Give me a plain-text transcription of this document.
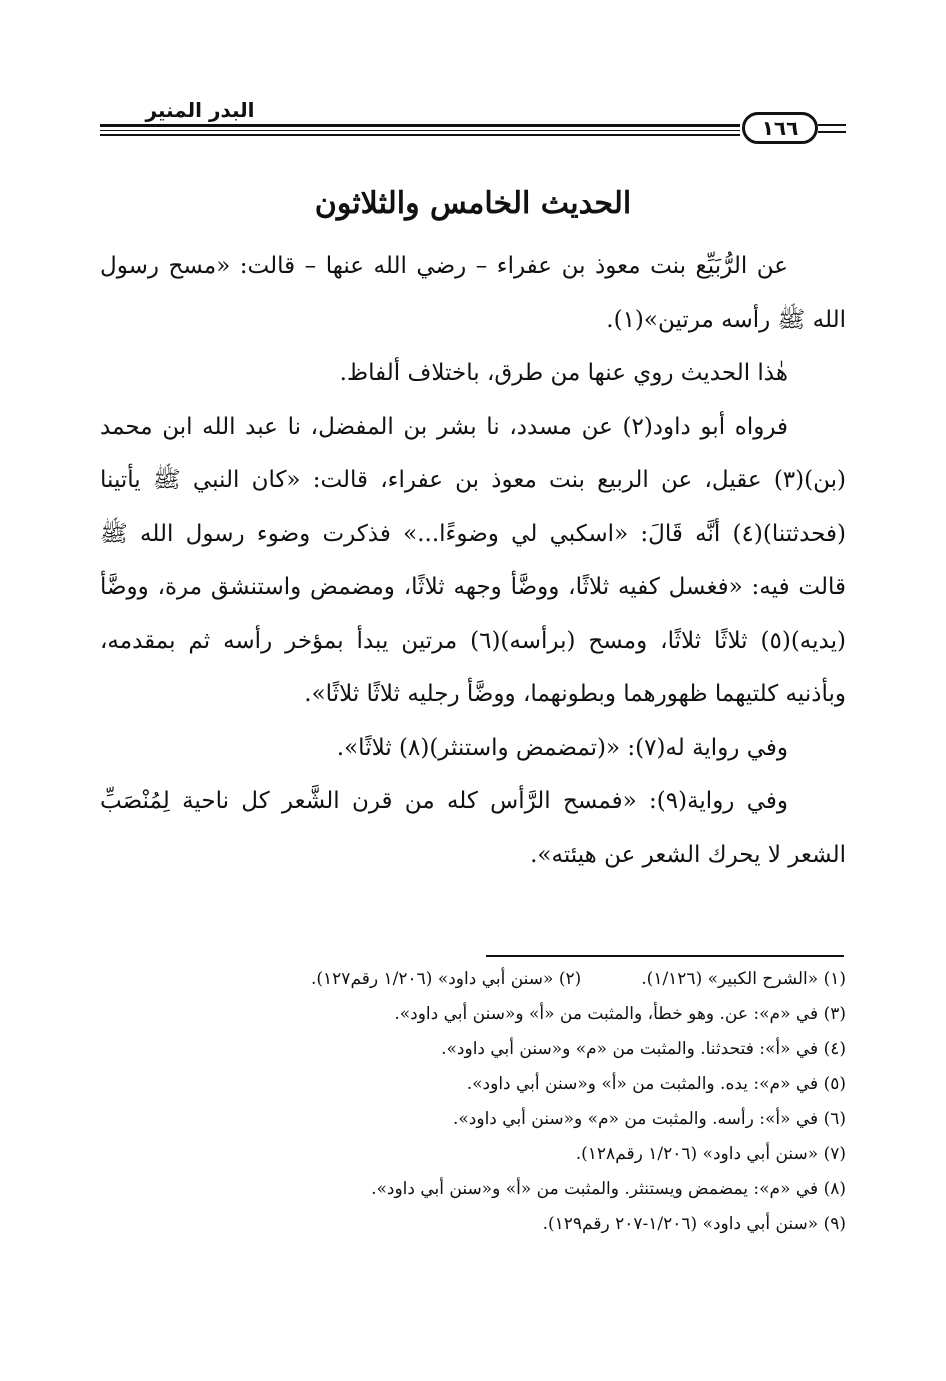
البدر المنير
١٦٦
الحديث الخامس والثلاثون

عن الرُّبَيِّع بنت معوذ بن عفراء – رضي الله عنها – قالت: «مسح رسول الله ﷺ رأسه مرتين»(١).

هٰذا الحديث روي عنها من طرق، باختلاف ألفاظ.

فرواه أبو داود(٢) عن مسدد، نا بشر بن المفضل، نا عبد الله ابن محمد (بن)(٣) عقيل، عن الربيع بنت معوذ بن عفراء، قالت: «كان النبي ﷺ يأتينا (فحدثتنا)(٤) أنَّه قَالَ: «اسكبي لي وضوءًا...» فذكرت وضوء رسول الله ﷺ قالت فيه: «فغسل كفيه ثلاثًا، ووضَّأ وجهه ثلاثًا، ومضمض واستنشق مرة، ووضَّأ (يديه)(٥) ثلاثًا ثلاثًا، ومسح (برأسه)(٦) مرتين يبدأ بمؤخر رأسه ثم بمقدمه، وبأذنيه كلتيهما ظهورهما وبطونهما، ووضَّأ رجليه ثلاثًا ثلاثًا».

وفي رواية له(٧): «(تمضمض واستنثر)(٨) ثلاثًا».

وفي رواية(٩): «فمسح الرَّأس كله من قرن الشَّعر كل ناحية لِمُنْصَبِّ الشعر لا يحرك الشعر عن هيئته».

(١) «الشرح الكبير» (١/١٢٦).
(٢) «سنن أبي داود» (١/٢٠٦ رقم١٢٧).
(٣) في «م»: عن. وهو خطأ، والمثبت من «أ» و«سنن أبي داود».
(٤) في «أ»: فتحدثنا. والمثبت من «م» و«سنن أبي داود».
(٥) في «م»: يده. والمثبت من «أ» و«سنن أبي داود».
(٦) في «أ»: رأسه. والمثبت من «م» و«سنن أبي داود».
(٧) «سنن أبي داود» (١/٢٠٦ رقم١٢٨).
(٨) في «م»: يمضمض ويستنثر. والمثبت من «أ» و«سنن أبي داود».
(٩) «سنن أبي داود» (١/٢٠٦-٢٠٧ رقم١٢٩).
